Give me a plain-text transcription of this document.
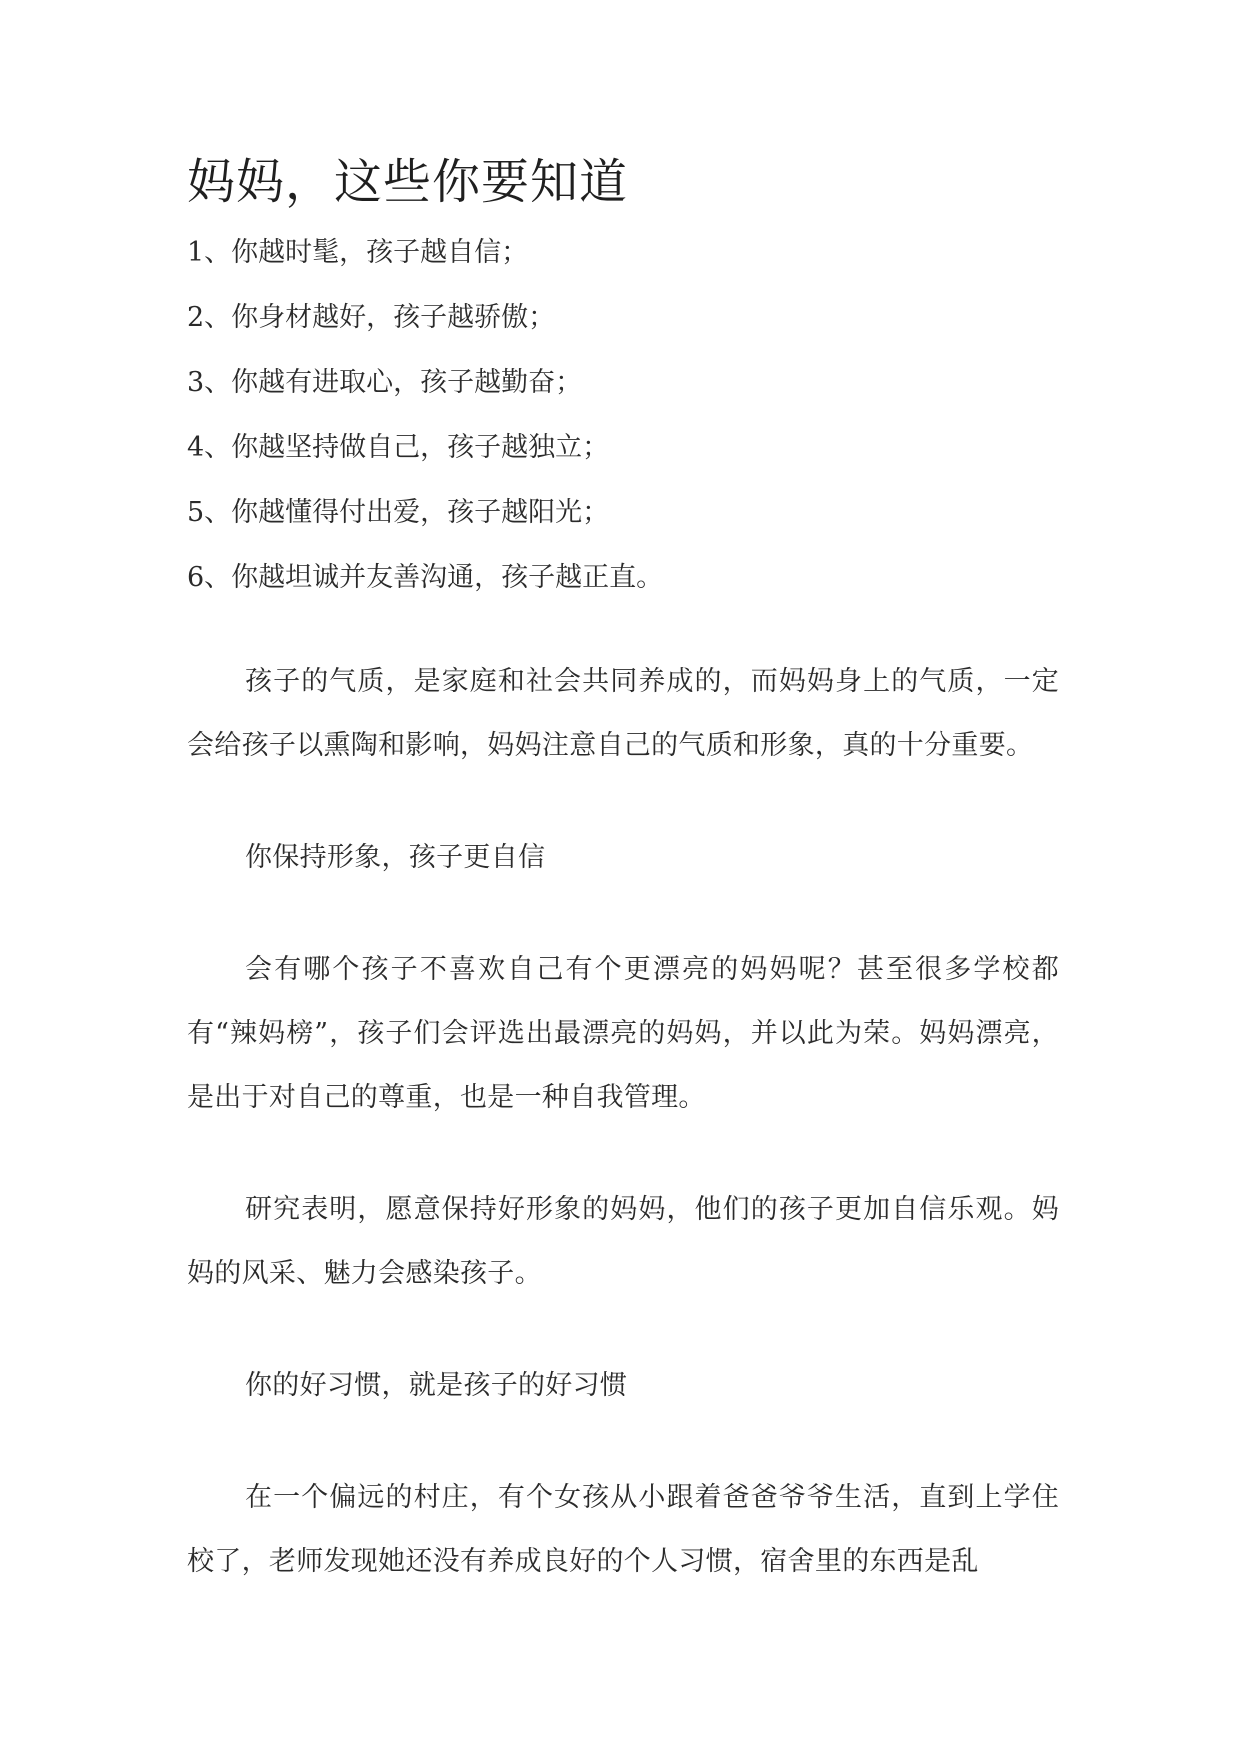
妈妈，这些你要知道
1、你越时髦，孩子越自信；
2、你身材越好，孩子越骄傲；
3、你越有进取心，孩子越勤奋；
4、你越坚持做自己，孩子越独立；
5、你越懂得付出爱，孩子越阳光；
6、你越坦诚并友善沟通，孩子越正直。

孩子的气质，是家庭和社会共同养成的，而妈妈身上的气质，一定会给孩子以熏陶和影响，妈妈注意自己的气质和形象，真的十分重要。

你保持形象，孩子更自信

会有哪个孩子不喜欢自己有个更漂亮的妈妈呢？甚至很多学校都有“辣妈榜”，孩子们会评选出最漂亮的妈妈，并以此为荣。妈妈漂亮，是出于对自己的尊重，也是一种自我管理。

研究表明，愿意保持好形象的妈妈，他们的孩子更加自信乐观。妈妈的风采、魅力会感染孩子。

你的好习惯，就是孩子的好习惯

在一个偏远的村庄，有个女孩从小跟着爸爸爷爷生活，直到上学住校了，老师发现她还没有养成良好的个人习惯，宿舍里的东西是乱
